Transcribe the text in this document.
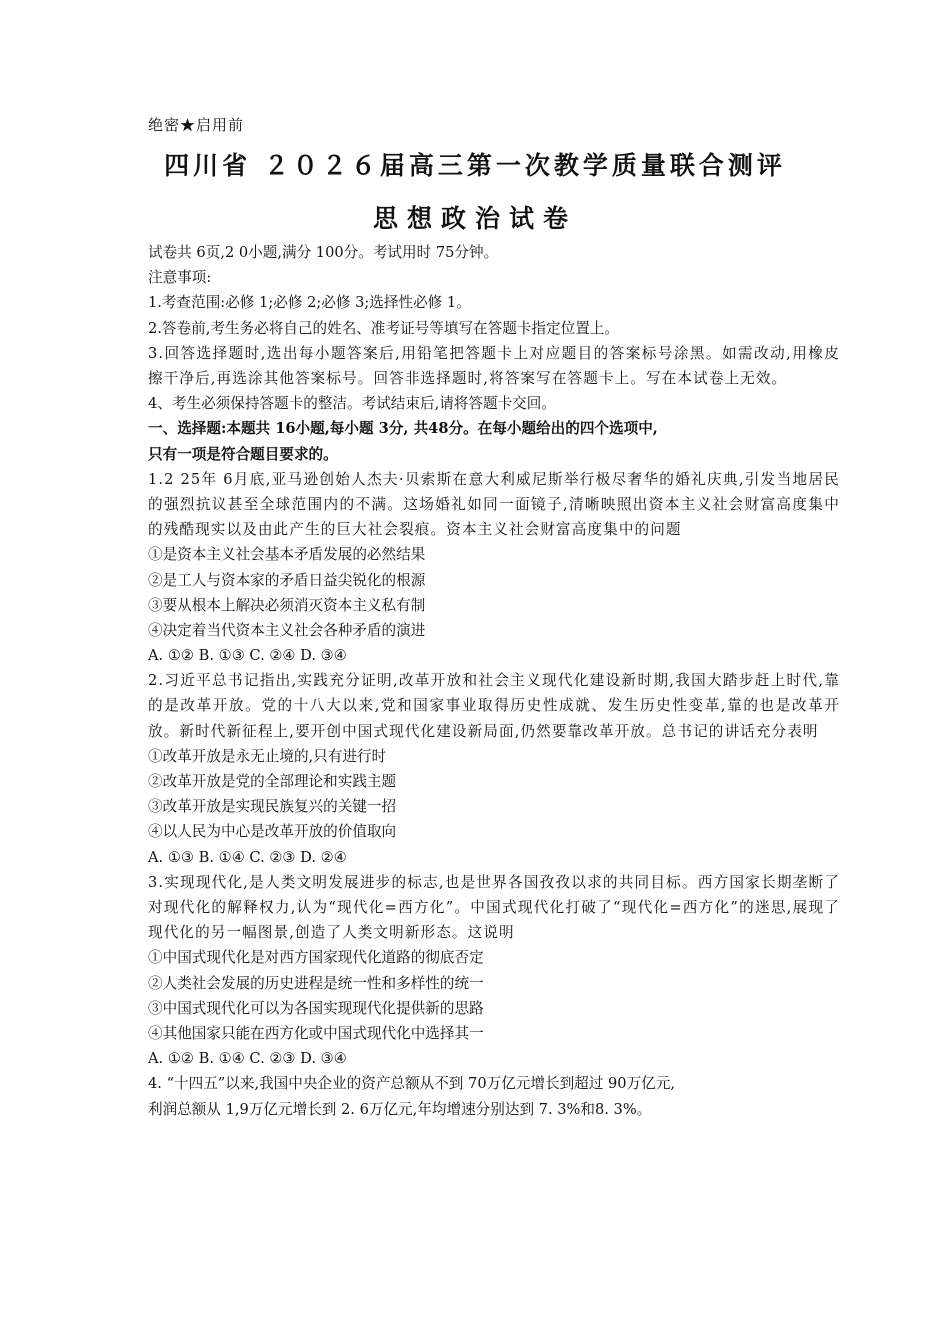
绝密★启用前
四川省 ２０２６届高三第一次教学质量联合测评
思想政治试卷
试卷共 6页,2 0小题,满分 100分。考试用时 75分钟。
注意事项:
1.考查范围:必修 1;必修 2;必修 3;选择性必修 1。
2.答卷前,考生务必将自己的姓名、准考证号等填写在答题卡指定位置上。
3.回答选择题时,选出每小题答案后,用铅笔把答题卡上对应题目的答案标号涂黑。如需改动,用橡皮擦干净后,再选涂其他答案标号。回答非选择题时,将答案写在答题卡上。写在本试卷上无效。
4、考生必须保持答题卡的整洁。考试结束后,请将答题卡交回。
一、选择题:本题共 16小题,每小题 3分, 共48分。在每小题给出的四个选项中,
只有一项是符合题目要求的。
1.2 25年 6月底,亚马逊创始人杰夫·贝索斯在意大利威尼斯举行极尽奢华的婚礼庆典,引发当地居民的强烈抗议甚至全球范围内的不满。这场婚礼如同一面镜子,清晰映照出资本主义社会财富高度集中的残酷现实以及由此产生的巨大社会裂痕。资本主义社会财富高度集中的问题
①是资本主义社会基本矛盾发展的必然结果
②是工人与资本家的矛盾日益尖锐化的根源
③要从根本上解决必须消灭资本主义私有制
④决定着当代资本主义社会各种矛盾的演进
A. ①② B. ①③ C. ②④ D. ③④
2.习近平总书记指出,实践充分证明,改革开放和社会主义现代化建设新时期,我国大踏步赶上时代,靠的是改革开放。党的十八大以来,党和国家事业取得历史性成就、发生历史性变革,靠的也是改革开放。新时代新征程上,要开创中国式现代化建设新局面,仍然要靠改革开放。总书记的讲话充分表明
①改革开放是永无止境的,只有进行时
②改革开放是党的全部理论和实践主题
③改革开放是实现民族复兴的关键一招
④以人民为中心是改革开放的价值取向
A. ①③ B. ①④ C. ②③ D. ②④
3.实现现代化,是人类文明发展进步的标志,也是世界各国孜孜以求的共同目标。西方国家长期垄断了对现代化的解释权力,认为“现代化=西方化”。中国式现代化打破了“现代化=西方化”的迷思,展现了现代化的另一幅图景,创造了人类文明新形态。这说明
①中国式现代化是对西方国家现代化道路的彻底否定
②人类社会发展的历史进程是统一性和多样性的统一
③中国式现代化可以为各国实现现代化提供新的思路
④其他国家只能在西方化或中国式现代化中选择其一
A. ①② B. ①④ C. ②③ D. ③④
4. “十四五”以来,我国中央企业的资产总额从不到 70万亿元增长到超过 90万亿元,
利润总额从 1,9万亿元增长到 2. 6万亿元,年均增速分别达到 7. 3%和8. 3%。
